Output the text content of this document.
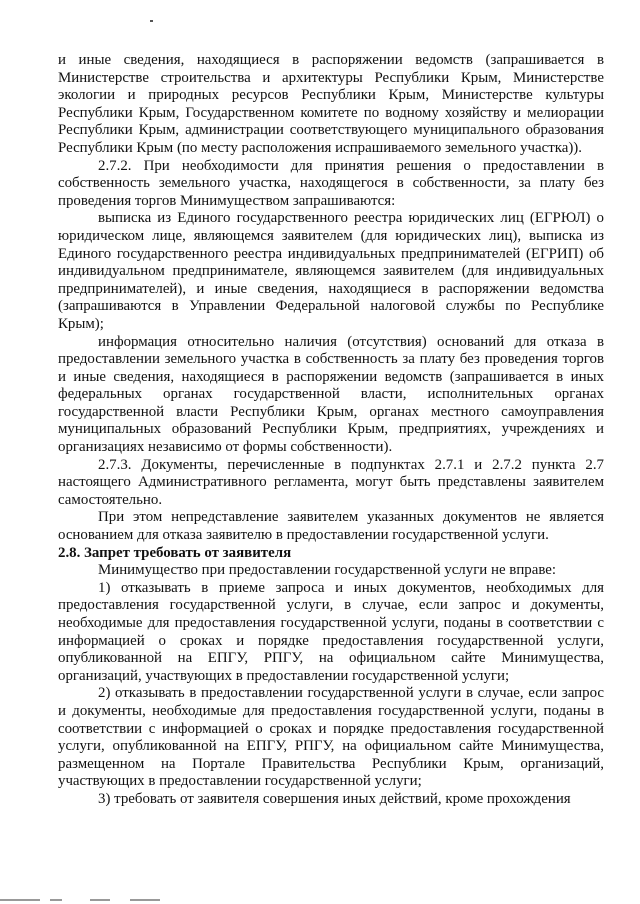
и иные сведения, находящиеся в распоряжении ведомств (запрашивается в Министерстве строительства и архитектуры Республики Крым, Министерстве экологии и природных ресурсов Республики Крым, Министерстве культуры Республики Крым, Государственном комитете по водному хозяйству и мелиорации Республики Крым, администрации соответствующего муниципального образования Республики Крым (по месту расположения испрашиваемого земельного участка)).

2.7.2. При необходимости для принятия решения о предоставлении в собственность земельного участка, находящегося в собственности, за плату без проведения торгов Минимуществом запрашиваются:

выписка из Единого государственного реестра юридических лиц (ЕГРЮЛ) о юридическом лице, являющемся заявителем (для юридических лиц), выписка из Единого государственного реестра индивидуальных предпринимателей (ЕГРИП) об индивидуальном предпринимателе, являющемся заявителем (для индивидуальных предпринимателей), и иные сведения, находящиеся в распоряжении ведомства (запрашиваются в Управлении Федеральной налоговой службы по Республике Крым);

информация относительно наличия (отсутствия) оснований для отказа в предоставлении земельного участка в собственность за плату без проведения торгов и иные сведения, находящиеся в распоряжении ведомств (запрашивается в иных федеральных органах государственной власти, исполнительных органах государственной власти Республики Крым, органах местного самоуправления муниципальных образований Республики Крым, предприятиях, учреждениях и организациях независимо от формы собственности).

2.7.3. Документы, перечисленные в подпунктах 2.7.1 и 2.7.2 пункта 2.7 настоящего Административного регламента, могут быть представлены заявителем самостоятельно.

При этом непредставление заявителем указанных документов не является основанием для отказа заявителю в предоставлении государственной услуги.

2.8. Запрет требовать от заявителя

Минимущество при предоставлении государственной услуги не вправе:

1) отказывать в приеме запроса и иных документов, необходимых для предоставления государственной услуги, в случае, если запрос и документы, необходимые для предоставления государственной услуги, поданы в соответствии с информацией о сроках и порядке предоставления государственной услуги, опубликованной на ЕПГУ, РПГУ, на официальном сайте Минимущества, организаций, участвующих в предоставлении государственной услуги;

2) отказывать в предоставлении государственной услуги в случае, если запрос и документы, необходимые для предоставления государственной услуги, поданы в соответствии с информацией о сроках и порядке предоставления государственной услуги, опубликованной на ЕПГУ, РПГУ, на официальном сайте Минимущества, размещенном на Портале Правительства Республики Крым, организаций, участвующих в предоставлении государственной услуги;

3) требовать от заявителя совершения иных действий, кроме прохождения
